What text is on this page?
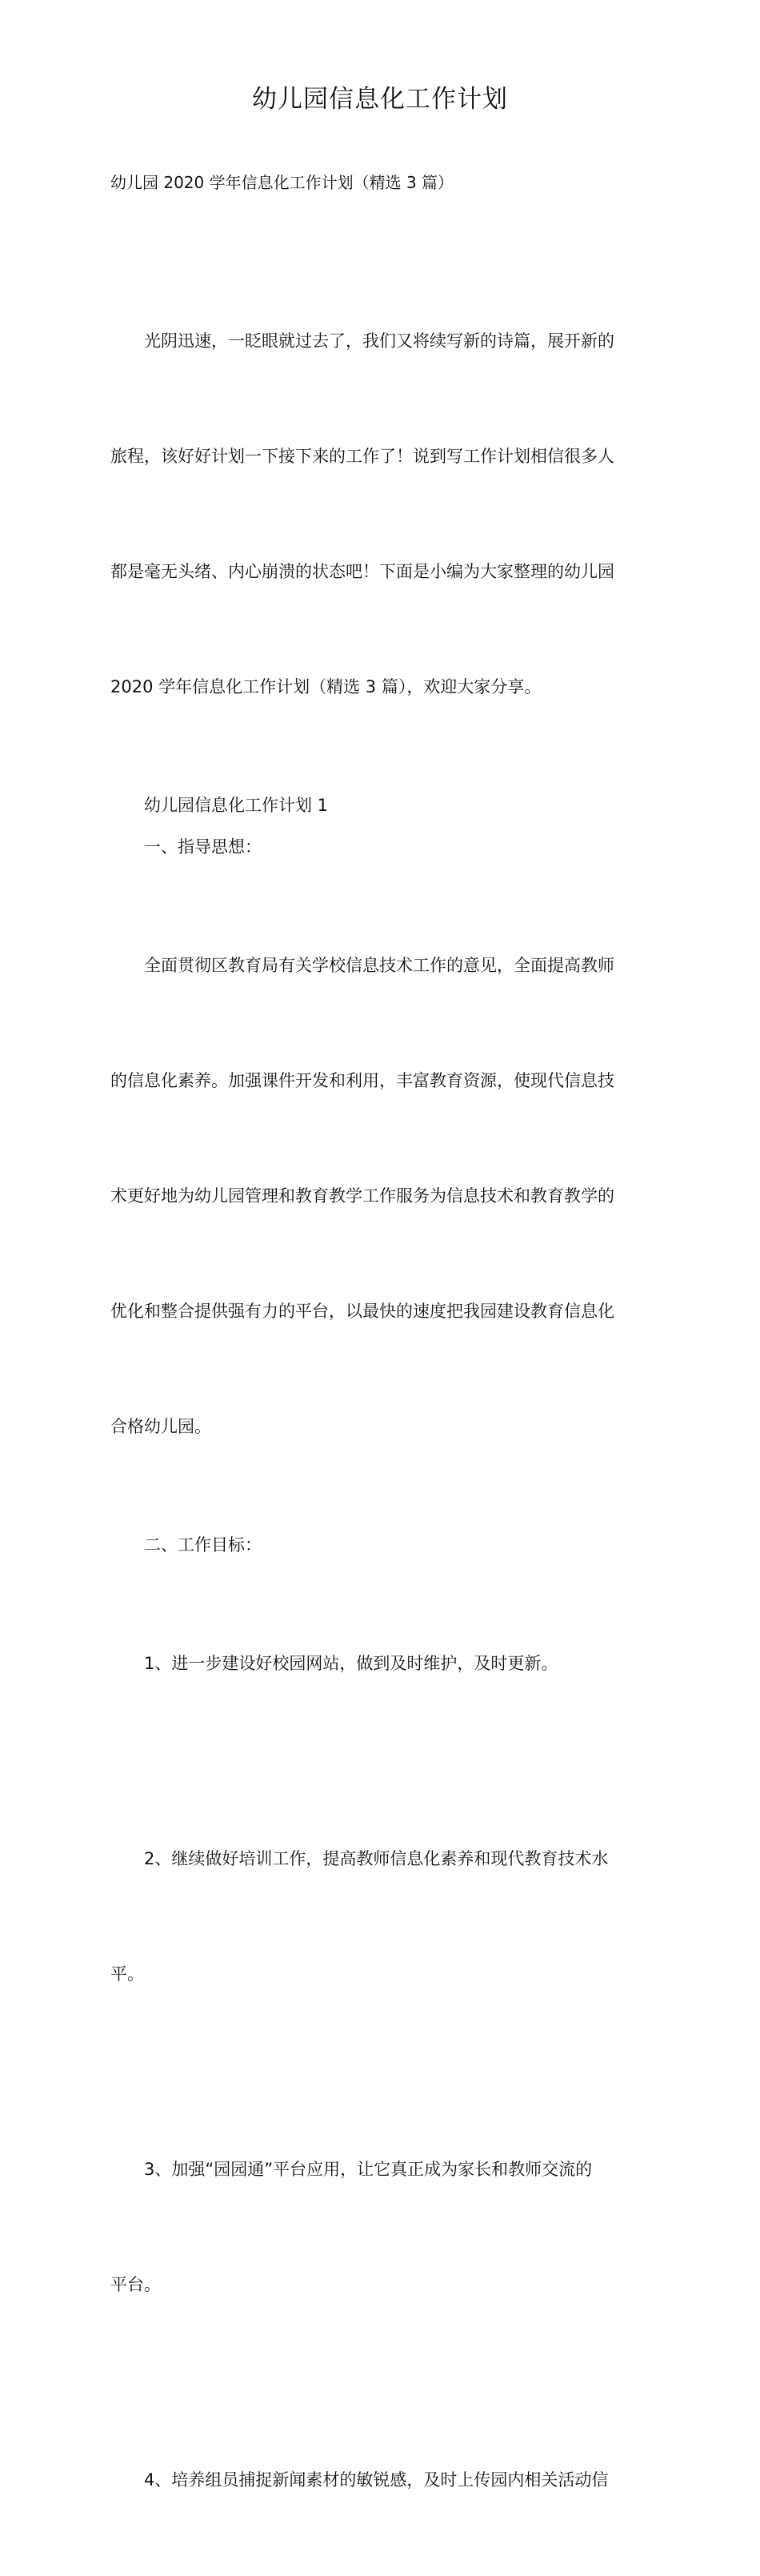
幼儿园信息化工作计划

幼儿园 2020 学年信息化工作计划（精选 3 篇）

光阴迅速，一眨眼就过去了，我们又将续写新的诗篇，展开新的

旅程，该好好计划一下接下来的工作了！说到写工作计划相信很多人

都是毫无头绪、内心崩溃的状态吧！下面是小编为大家整理的幼儿园

2020 学年信息化工作计划（精选 3 篇），欢迎大家分享。

幼儿园信息化工作计划 1

一、指导思想：

全面贯彻区教育局有关学校信息技术工作的意见，全面提高教师

的信息化素养。加强课件开发和利用，丰富教育资源，使现代信息技

术更好地为幼儿园管理和教育教学工作服务为信息技术和教育教学的

优化和整合提供强有力的平台，以最快的速度把我园建设教育信息化

合格幼儿园。

二、工作目标：

1、进一步建设好校园网站，做到及时维护，及时更新。

2、继续做好培训工作，提高教师信息化素养和现代教育技术水

平。

3、加强“园园通”平台应用，让它真正成为家长和教师交流的

平台。

4、培养组员捕捉新闻素材的敏锐感，及时上传园内相关活动信
